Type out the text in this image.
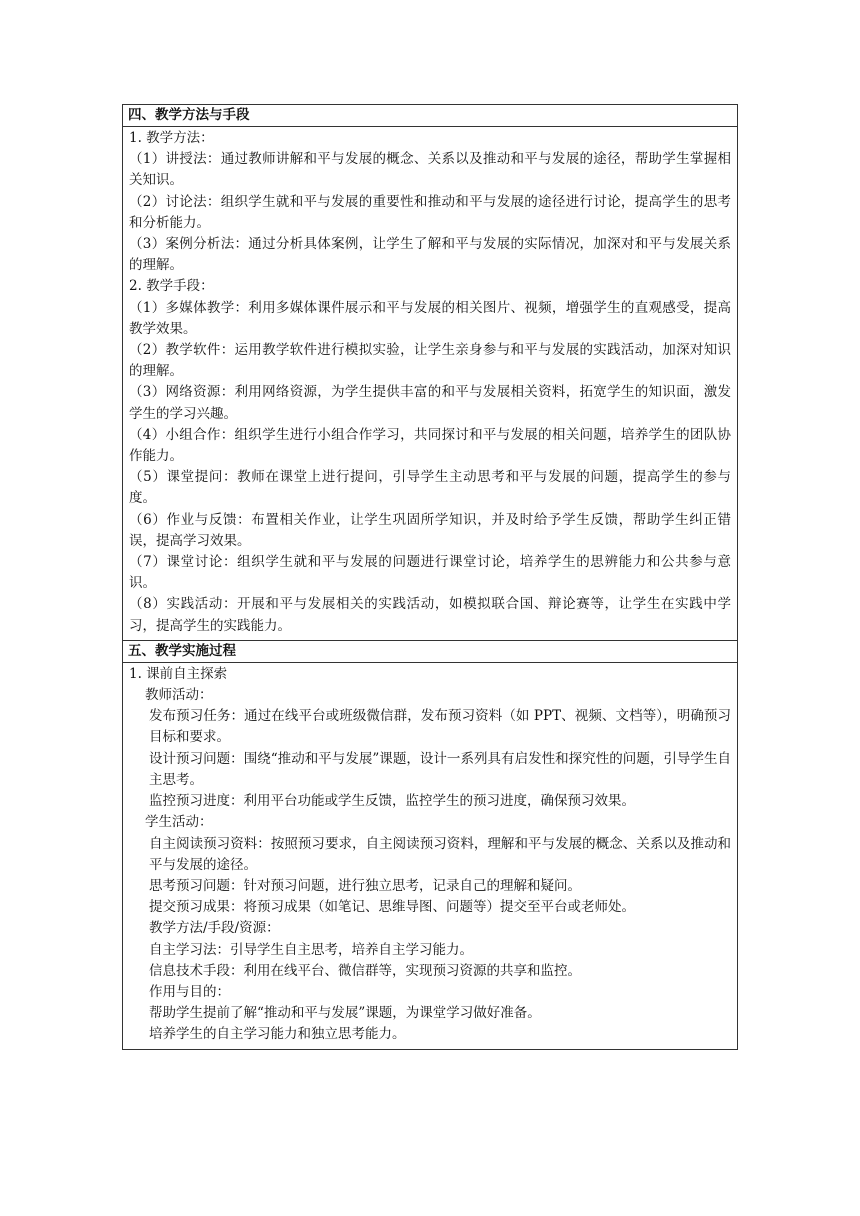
四、教学方法与手段

1. 教学方法：

（1）讲授法：通过教师讲解和平与发展的概念、关系以及推动和平与发展的途径，帮助学生掌握相关知识。

（2）讨论法：组织学生就和平与发展的重要性和推动和平与发展的途径进行讨论，提高学生的思考和分析能力。

（3）案例分析法：通过分析具体案例，让学生了解和平与发展的实际情况，加深对和平与发展关系的理解。

2. 教学手段：

（1）多媒体教学：利用多媒体课件展示和平与发展的相关图片、视频，增强学生的直观感受，提高教学效果。

（2）教学软件：运用教学软件进行模拟实验，让学生亲身参与和平与发展的实践活动，加深对知识的理解。

（3）网络资源：利用网络资源，为学生提供丰富的和平与发展相关资料，拓宽学生的知识面，激发学生的学习兴趣。

（4）小组合作：组织学生进行小组合作学习，共同探讨和平与发展的相关问题，培养学生的团队协作能力。

（5）课堂提问：教师在课堂上进行提问，引导学生主动思考和平与发展的问题，提高学生的参与度。

（6）作业与反馈：布置相关作业，让学生巩固所学知识，并及时给予学生反馈，帮助学生纠正错误，提高学习效果。

（7）课堂讨论：组织学生就和平与发展的问题进行课堂讨论，培养学生的思辨能力和公共参与意识。

（8）实践活动：开展和平与发展相关的实践活动，如模拟联合国、辩论赛等，让学生在实践中学习，提高学生的实践能力。

五、教学实施过程

1. 课前自主探索

教师活动：

发布预习任务：通过在线平台或班级微信群，发布预习资料（如 PPT、视频、文档等），明确预习目标和要求。

设计预习问题：围绕“推动和平与发展”课题，设计一系列具有启发性和探究性的问题，引导学生自主思考。

监控预习进度：利用平台功能或学生反馈，监控学生的预习进度，确保预习效果。

学生活动：

自主阅读预习资料：按照预习要求，自主阅读预习资料，理解和平与发展的概念、关系以及推动和平与发展的途径。

思考预习问题：针对预习问题，进行独立思考，记录自己的理解和疑问。

提交预习成果：将预习成果（如笔记、思维导图、问题等）提交至平台或老师处。

教学方法/手段/资源：

自主学习法：引导学生自主思考，培养自主学习能力。

信息技术手段：利用在线平台、微信群等，实现预习资源的共享和监控。

作用与目的：

帮助学生提前了解“推动和平与发展”课题，为课堂学习做好准备。

培养学生的自主学习能力和独立思考能力。
